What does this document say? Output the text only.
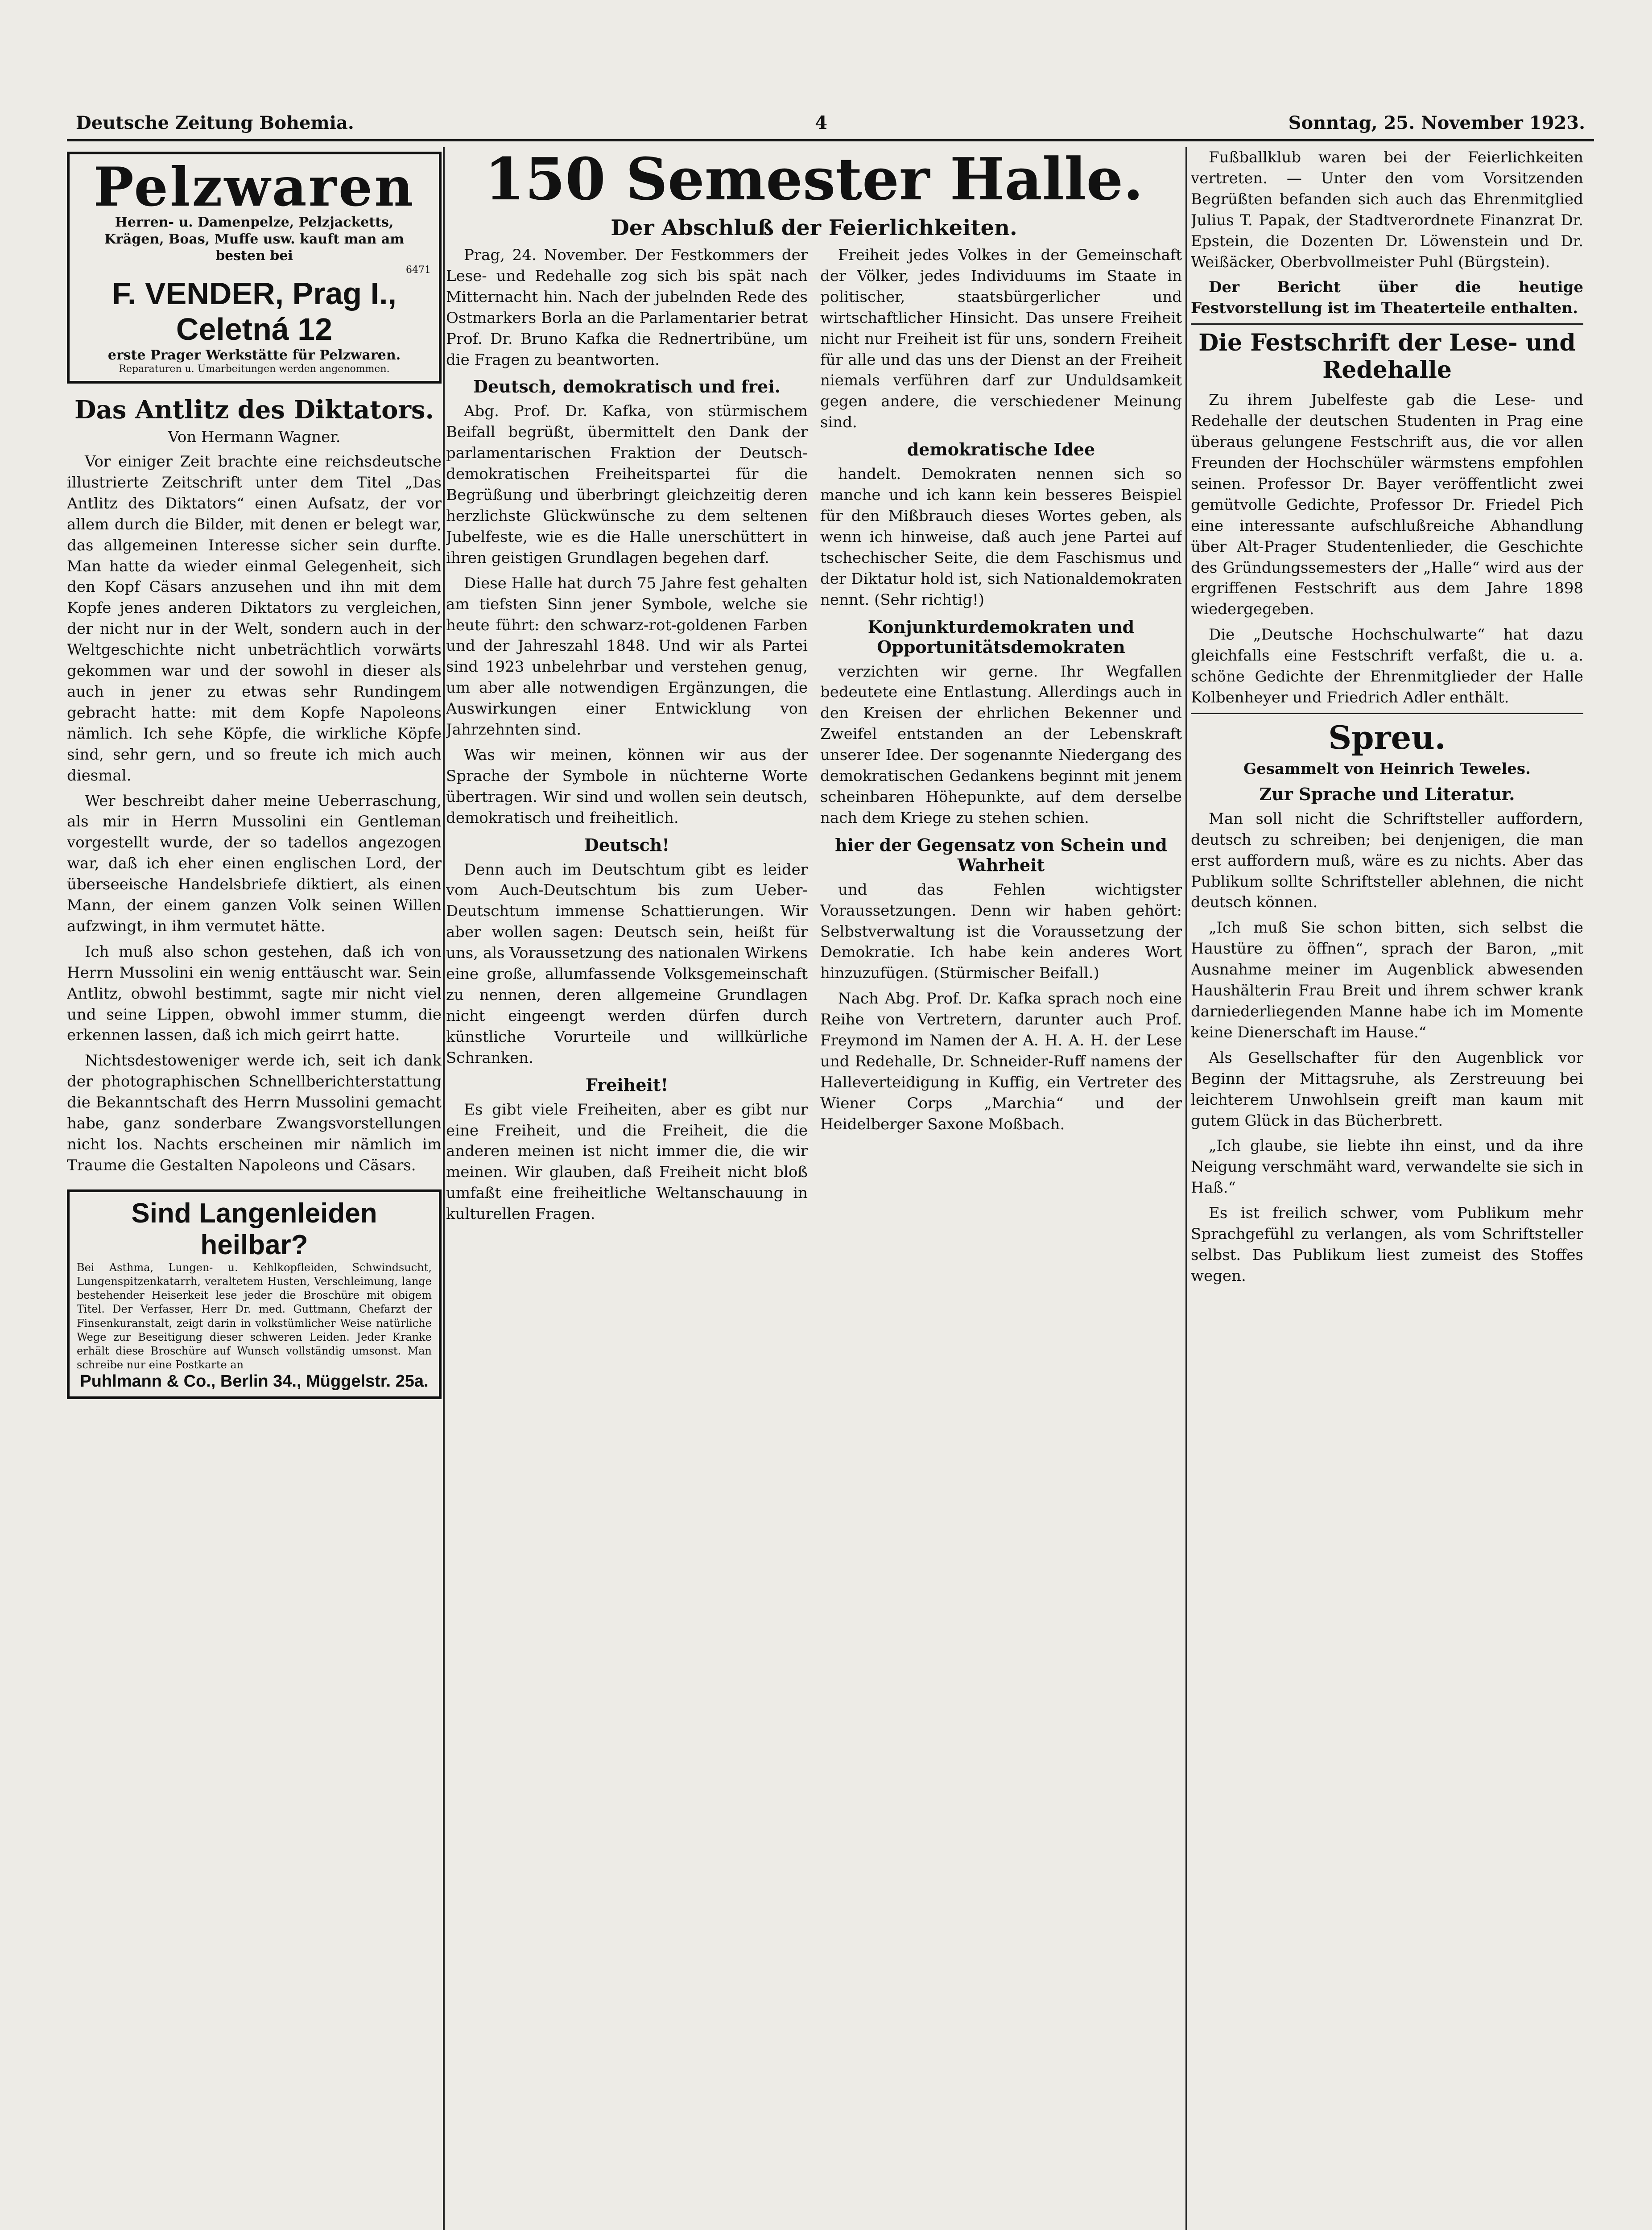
Deutsche Zeitung Bohemia.	4	Sonntag, 25. November 1923.
Pelzwaren
Herren- u. Damenpelze, Pelzjacketts,
Krägen, Boas, Muffe usw. kauft man am
besten bei
6471
F. VENDER, Prag I., Celetná 12
erste Prager Werkstätte für Pelzwaren.
Reparaturen u. Umarbeitungen werden angenommen.
Das Antlitz des Diktators.
Von Hermann Wagner.

Vor einiger Zeit brachte eine reichsdeutsche illustrierte Zeitschrift unter dem Titel „Das Antlitz des Diktators“ einen Aufsatz, der vor allem durch die Bilder, mit denen er belegt war, das allgemeinen Interesse sicher sein durfte. Man hatte da wieder einmal Gelegenheit, sich den Kopf Cäsars anzusehen und ihn mit dem Kopfe jenes anderen Diktators zu vergleichen, der nicht nur in der Welt, sondern auch in der Weltgeschichte nicht unbeträchtlich vorwärts gekommen war und der sowohl in dieser als auch in jener zu etwas sehr Rundingem gebracht hatte: mit dem Kopfe Napoleons nämlich. Ich sehe Köpfe, die wirkliche Köpfe sind, sehr gern, und so freute ich mich auch diesmal.

Wer beschreibt daher meine Ueberraschung, als mir in Herrn Mussolini ein Gentleman vorgestellt wurde, der so tadellos angezogen war, daß ich eher einen englischen Lord, der überseeische Handelsbriefe diktiert, als einen Mann, der einem ganzen Volk seinen Willen aufzwingt, in ihm vermutet hätte.

Ich muß also schon gestehen, daß ich von Herrn Mussolini ein wenig enttäuscht war. Sein Antlitz, obwohl bestimmt, sagte mir nicht viel und seine Lippen, obwohl immer stumm, die erkennen lassen, daß ich mich geirrt hatte.

Nichtsdestoweniger werde ich, seit ich dank der photographischen Schnellberichterstattung die Bekanntschaft des Herrn Mussolini gemacht habe, ganz sonderbare Zwangsvorstellungen nicht los. Nachts erscheinen mir nämlich im Traume die Gestalten Napoleons und Cäsars.

Sind Langenleiden heilbar?
Bei Asthma, Lungen- u. Kehlkopfleiden, Schwindsucht, Lungenspitzenkatarrh, veraltetem Husten, Verschleimung, lange bestehender Heiserkeit lese jeder die Broschüre mit obigem Titel. Der Verfasser, Herr Dr. med. Guttmann, Chefarzt der Finsenkuranstalt, zeigt darin in volkstümlicher Weise natürliche Wege zur Beseitigung dieser schweren Leiden. Jeder Kranke erhält diese Broschüre auf Wunsch vollständig umsonst. Man schreibe nur eine Postkarte an
Puhlmann & Co., Berlin 34., Müggelstr. 25a.
150 Semester Halle.
Der Abschluß der Feierlichkeiten.

Prag, 24. November. Der Festkommers der Lese- und Redehalle zog sich bis spät nach Mitternacht hin. Nach der jubelnden Rede des Ostmarkers Borla an die Parlamentarier betrat Prof. Dr. Bruno Kafka die Rednertribüne, um die Fragen zu beantworten.

Deutsch, demokratisch und frei.

Abg. Prof. Dr. Kafka, von stürmischem Beifall begrüßt, übermittelt den Dank der parlamentarischen Fraktion der Deutsch-demokratischen Freiheitspartei für die Begrüßung und überbringt gleichzeitig deren herzlichste Glückwünsche zu dem seltenen Jubelfeste, wie es die Halle unerschüttert in ihren geistigen Grundlagen begehen darf.

Diese Halle hat durch 75 Jahre fest gehalten am tiefsten Sinn jener Symbole, welche sie heute führt: den schwarz-rot-goldenen Farben und der Jahreszahl 1848. Und wir als Partei sind 1923 unbelehrbar und verstehen genug, um aber alle notwendigen Ergänzungen, die Auswirkungen einer Entwicklung von Jahrzehnten sind.

Was wir meinen, können wir aus der Sprache der Symbole in nüchterne Worte übertragen. Wir sind und wollen sein deutsch, demokratisch und freiheitlich.

Deutsch!

Denn auch im Deutschtum gibt es leider vom Auch-Deutschtum bis zum Ueber-Deutschtum immense Schattierungen. Wir aber wollen sagen: Deutsch sein, heißt für uns, als Voraussetzung des nationalen Wirkens eine große, allumfassende Volksgemeinschaft zu nennen, deren allgemeine Grundlagen nicht eingeengt werden dürfen durch künstliche Vorurteile und willkürliche Schranken.

Freiheit!

Es gibt viele Freiheiten, aber es gibt nur eine Freiheit, und die Freiheit, die die anderen meinen ist nicht immer die, die wir meinen. Wir glauben, daß Freiheit nicht bloß umfaßt eine freiheitliche Weltanschauung in kulturellen Fragen.

Freiheit jedes Volkes in der Gemeinschaft der Völker, jedes Individuums im Staate in politischer, staatsbürgerlicher und wirtschaftlicher Hinsicht. Das unsere Freiheit nicht nur Freiheit ist für uns, sondern Freiheit für alle und das uns der Dienst an der Freiheit niemals verführen darf zur Unduldsamkeit gegen andere, die verschiedener Meinung sind.

demokratische Idee

handelt. Demokraten nennen sich so manche und ich kann kein besseres Beispiel für den Mißbrauch dieses Wortes geben, als wenn ich hinweise, daß auch jene Partei auf tschechischer Seite, die dem Faschismus und der Diktatur hold ist, sich Nationaldemokraten nennt. (Sehr richtig!)

Konjunkturdemokraten und Opportunitätsdemokraten

verzichten wir gerne. Ihr Wegfallen bedeutete eine Entlastung. Allerdings auch in den Kreisen der ehrlichen Bekenner und Zweifel entstanden an der Lebenskraft unserer Idee. Der sogenannte Niedergang des demokratischen Gedankens beginnt mit jenem scheinbaren Höhepunkte, auf dem derselbe nach dem Kriege zu stehen schien.

hier der Gegensatz von Schein und Wahrheit

und das Fehlen wichtigster Voraussetzungen. Denn wir haben gehört: Selbstverwaltung ist die Voraussetzung der Demokratie. Ich habe kein anderes Wort hinzuzufügen. (Stürmischer Beifall.)

Nach Abg. Prof. Dr. Kafka sprach noch eine Reihe von Vertretern, darunter auch Prof. Freymond im Namen der A. H. A. H. der Lese und Redehalle, Dr. Schneider-Ruff namens der Halleverteidigung in Kuffig, ein Vertreter des Wiener Corps „Marchia“ und der Heidelberger Saxone Moßbach.

Fußballklub waren bei der Feierlichkeiten vertreten. — Unter den vom Vorsitzenden Begrüßten befanden sich auch das Ehrenmitglied Julius T. Papak, der Stadtverordnete Finanzrat Dr. Epstein, die Dozenten Dr. Löwenstein und Dr. Weißäcker, Oberbvollmeister Puhl (Bürgstein).

Der Bericht über die heutige Festvorstellung ist im Theaterteile enthalten.

Die Festschrift der Lese- und Redehalle

Zu ihrem Jubelfeste gab die Lese- und Redehalle der deutschen Studenten in Prag eine überaus gelungene Festschrift aus, die vor allen Freunden der Hochschüler wärmstens empfohlen seinen. Professor Dr. Bayer veröffentlicht zwei gemütvolle Gedichte, Professor Dr. Friedel Pich eine interessante aufschlußreiche Abhandlung über Alt-Prager Studentenlieder, die Geschichte des Gründungssemesters der „Halle“ wird aus der ergriffenen Festschrift aus dem Jahre 1898 wiedergegeben.

Die „Deutsche Hochschulwarte“ hat dazu gleichfalls eine Festschrift verfaßt, die u. a. schöne Gedichte der Ehrenmitglieder der Halle Kolbenheyer und Friedrich Adler enthält.

Spreu.
Gesammelt von Heinrich Teweles.
Zur Sprache und Literatur.

Man soll nicht die Schriftsteller auffordern, deutsch zu schreiben; bei denjenigen, die man erst auffordern muß, wäre es zu nichts. Aber das Publikum sollte Schriftsteller ablehnen, die nicht deutsch können.

„Ich muß Sie schon bitten, sich selbst die Haustüre zu öffnen“, sprach der Baron, „mit Ausnahme meiner im Augenblick abwesenden Haushälterin Frau Breit und ihrem schwer krank darniederliegenden Manne habe ich im Momente keine Dienerschaft im Hause.“

Als Gesellschafter für den Augenblick vor Beginn der Mittagsruhe, als Zerstreuung bei leichterem Unwohlsein greift man kaum mit gutem Glück in das Bücherbrett.

„Ich glaube, sie liebte ihn einst, und da ihre Neigung verschmäht ward, verwandelte sie sich in Haß.“

Es ist freilich schwer, vom Publikum mehr Sprachgefühl zu verlangen, als vom Schriftsteller selbst. Das Publikum liest zumeist des Stoffes wegen.
